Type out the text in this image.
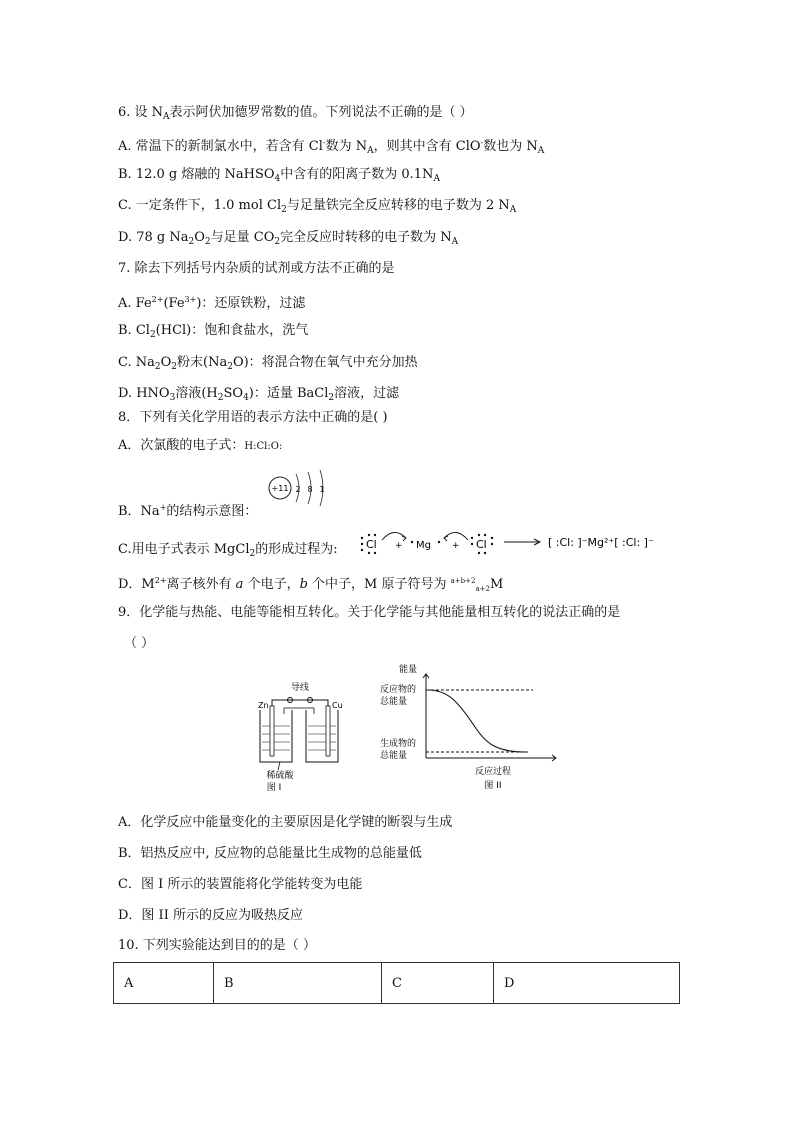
6. 设 $N_A$表示阿伏加德罗常数的值。下列说法不正确的是（ ）
A. 常温下的新制氯水中，若含有 Cl-数为 $N_A$，则其中含有 ClO-数也为 $N_A$
B. 12.0 g 熔融的 NaHSO$_4$中含有的阳离子数为 $0.1N_A$
C. 一定条件下，1.0 mol $Cl_2$与足量铁完全反应转移的电子数为 2 $N_A$
D. 78 g $Na_2O_2$与足量 $CO_2$完全反应时转移的电子数为 $N_A$
7. 除去下列括号内杂质的试剂或方法不正确的是
A. $Fe^{2+}(Fe^{3+})$：还原铁粉，过滤
B. $Cl_2(HCl)$：饱和食盐水，洗气
C. $Na_2O_2$粉末$(Na_2O)$：将混合物在氧气中充分加热
D. $HNO_3$溶液$(H_2SO_4)$：适量 BaCl$_2$溶液，过滤
8．下列有关化学用语的表示方法中正确的是( )
A．次氯酸的电子式：H:Cl:O:
+11 2 8 1
B．Na+的结构示意图：
C.用电子式表示 MgCl$_2$的形成过程为:	Cl + Mg + Cl
⟶
[ :Cl: ]⁻Mg²⁺[ :Cl: ]⁻
D．$M^{2+}$离子核外有 a 个电子，b 个中子，M 原子符号为 $^{a+b+2}_{a+2}$M
9．化学能与热能、电能等能相互转化。关于化学能与其他能量相互转化的说法正确的是
（ ）
导线
Zn	Cu
稀硫酸
图 I
能量
反应物的
总能量
生成物的
总能量
反应过程
图 II
A．化学反应中能量变化的主要原因是化学键的断裂与生成
B．铝热反应中, 反应物的总能量比生成物的总能量低
C．图 I 所示的装置能将化学能转变为电能
D．图 II 所示的反应为吸热反应
10. 下列实验能达到目的的是（ ）
A	B	C	D
